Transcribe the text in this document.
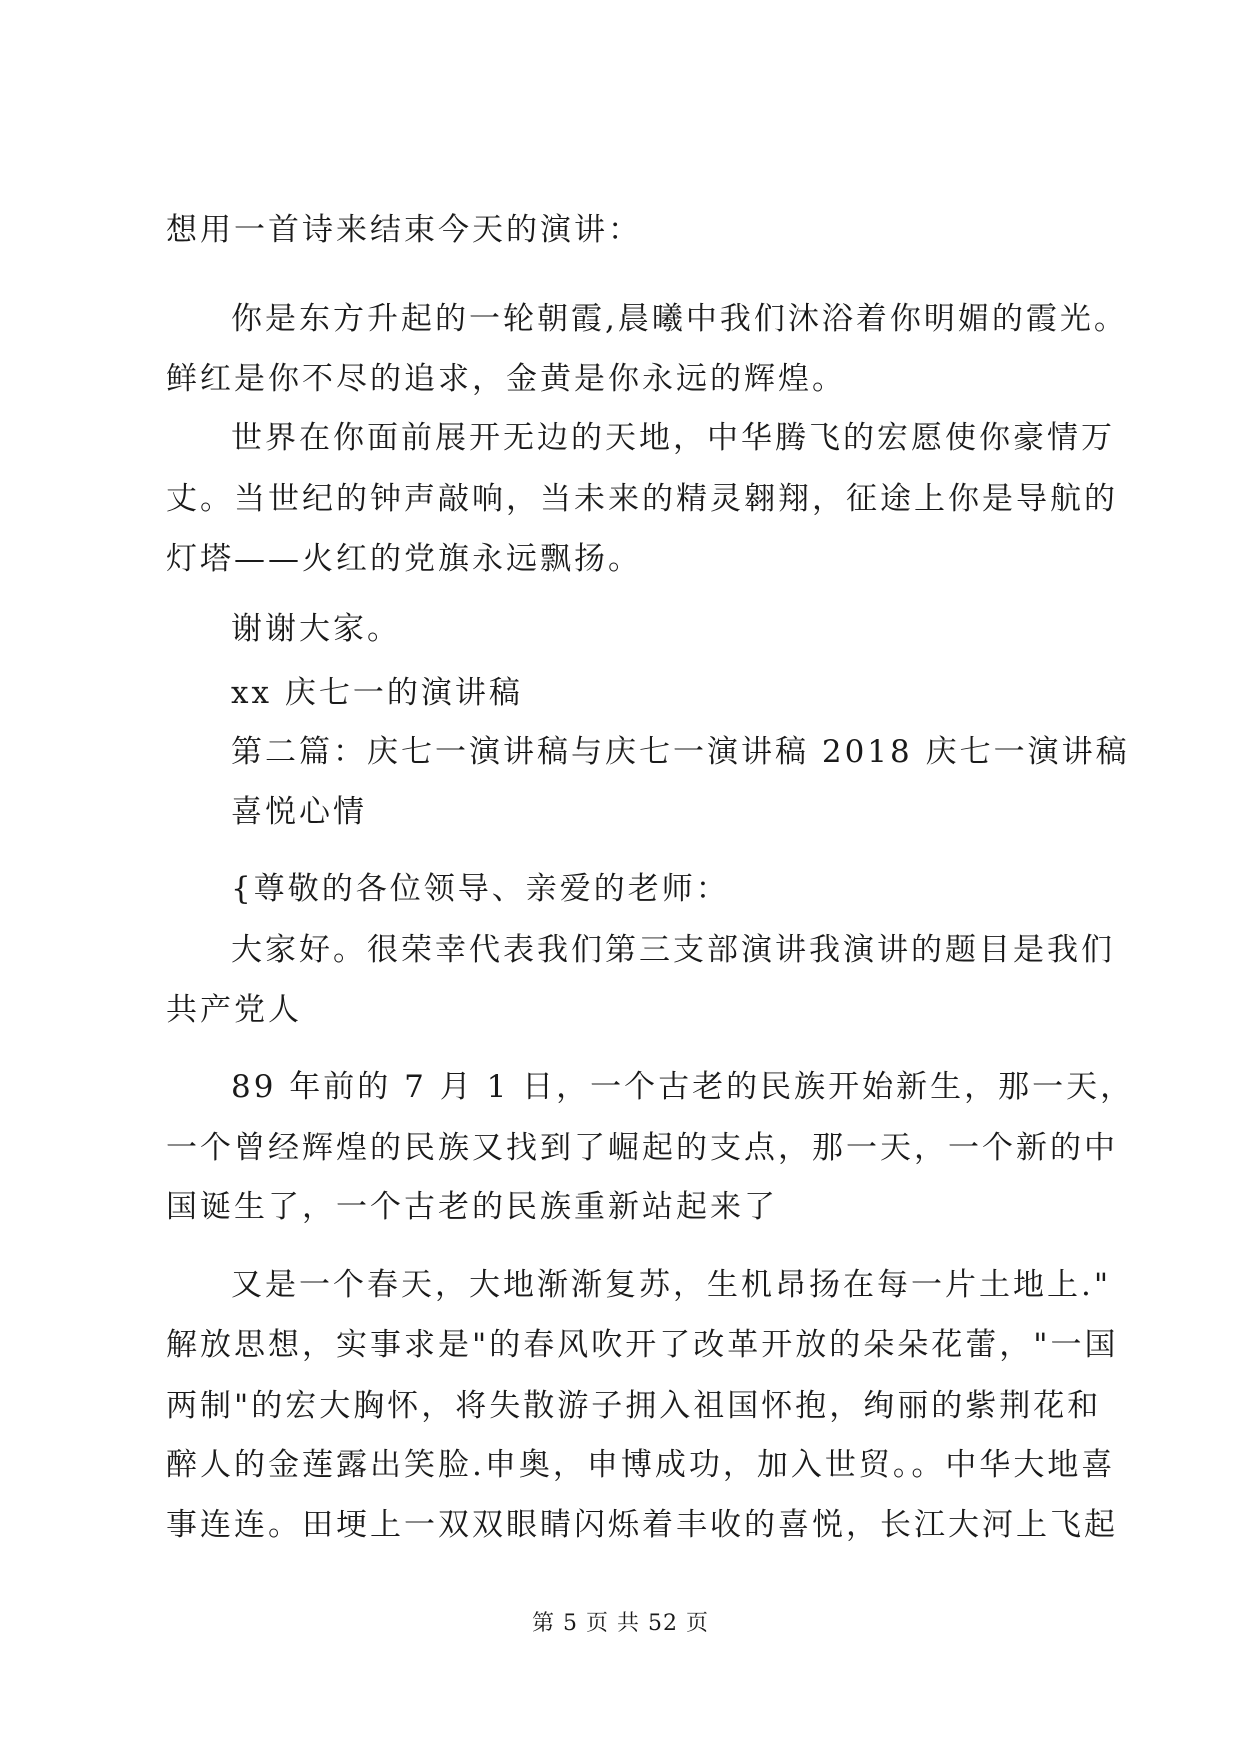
想用一首诗来结束今天的演讲：
你是东方升起的一轮朝霞,晨曦中我们沐浴着你明媚的霞光。
鲜红是你不尽的追求，金黄是你永远的辉煌。
世界在你面前展开无边的天地，中华腾飞的宏愿使你豪情万
丈。当世纪的钟声敲响，当未来的精灵翱翔，征途上你是导航的
灯塔——火红的党旗永远飘扬。
谢谢大家。
xx 庆七一的演讲稿
第二篇：庆七一演讲稿与庆七一演讲稿 2018 庆七一演讲稿
喜悦心情
{尊敬的各位领导、亲爱的老师：
大家好。很荣幸代表我们第三支部演讲我演讲的题目是我们
共产党人
89 年前的 7 月 1 日，一个古老的民族开始新生，那一天，
一个曾经辉煌的民族又找到了崛起的支点，那一天，一个新的中
国诞生了，一个古老的民族重新站起来了
又是一个春天，大地渐渐复苏，生机昂扬在每一片土地上."
解放思想，实事求是"的春风吹开了改革开放的朵朵花蕾，"一国
两制"的宏大胸怀，将失散游子拥入祖国怀抱，绚丽的紫荆花和
醉人的金莲露出笑脸.申奥，申博成功，加入世贸。。中华大地喜
事连连。田埂上一双双眼睛闪烁着丰收的喜悦，长江大河上飞起
第 5 页 共 52 页
